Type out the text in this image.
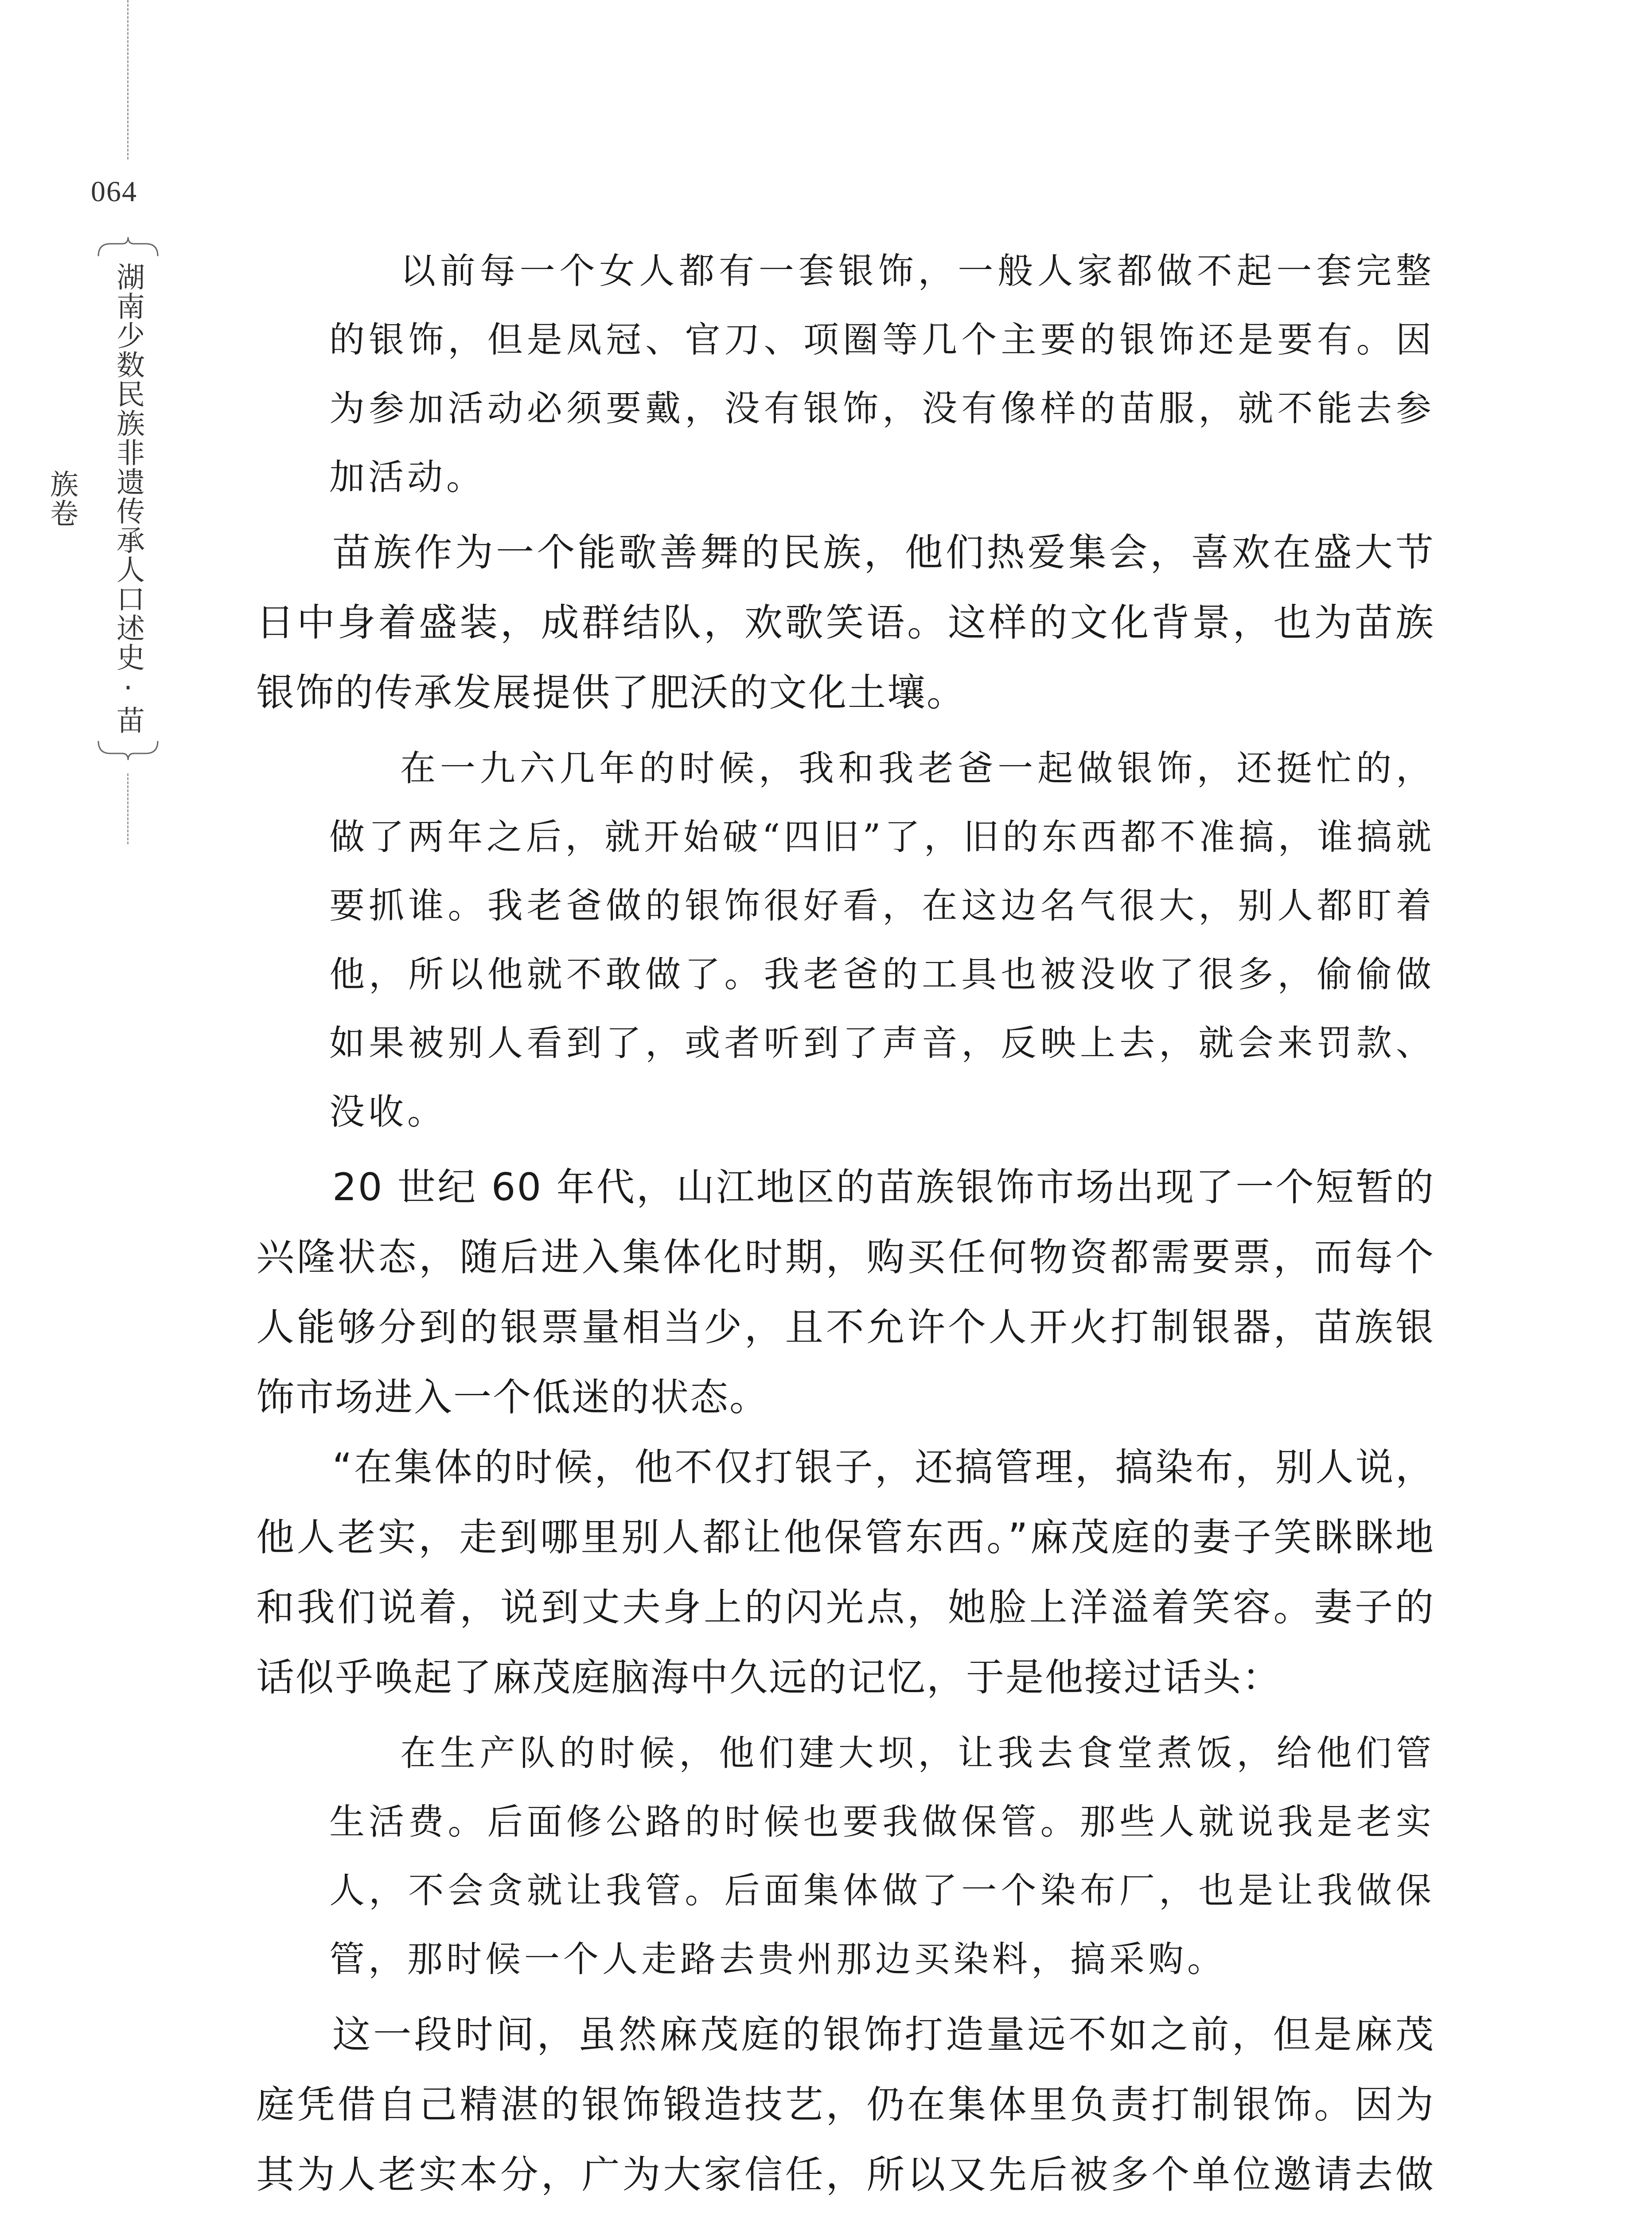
064
湖南少数民族非遗传承人口述史·苗族卷

以前每一个女人都有一套银饰，一般人家都做不起一套完整的银饰，但是凤冠、官刀、项圈等几个主要的银饰还是要有。因为参加活动必须要戴，没有银饰，没有像样的苗服，就不能去参加活动。

苗族作为一个能歌善舞的民族，他们热爱集会，喜欢在盛大节日中身着盛装，成群结队，欢歌笑语。这样的文化背景，也为苗族银饰的传承发展提供了肥沃的文化土壤。

在一九六几年的时候，我和我老爸一起做银饰，还挺忙的，做了两年之后，就开始破“四旧”了，旧的东西都不准搞，谁搞就要抓谁。我老爸做的银饰很好看，在这边名气很大，别人都盯着他，所以他就不敢做了。我老爸的工具也被没收了很多，偷偷做如果被别人看到了，或者听到了声音，反映上去，就会来罚款、没收。

20 世纪 60 年代，山江地区的苗族银饰市场出现了一个短暂的兴隆状态，随后进入集体化时期，购买任何物资都需要票，而每个人能够分到的银票量相当少，且不允许个人开火打制银器，苗族银饰市场进入一个低迷的状态。

“在集体的时候，他不仅打银子，还搞管理，搞染布，别人说，他人老实，走到哪里别人都让他保管东西。”麻茂庭的妻子笑眯眯地和我们说着，说到丈夫身上的闪光点，她脸上洋溢着笑容。妻子的话似乎唤起了麻茂庭脑海中久远的记忆，于是他接过话头：

在生产队的时候，他们建大坝，让我去食堂煮饭，给他们管生活费。后面修公路的时候也要我做保管。那些人就说我是老实人，不会贪就让我管。后面集体做了一个染布厂，也是让我做保管，那时候一个人走路去贵州那边买染料，搞采购。

这一段时间，虽然麻茂庭的银饰打造量远不如之前，但是麻茂庭凭借自己精湛的银饰锻造技艺，仍在集体里负责打制银饰。因为其为人老实本分，广为大家信任，所以又先后被多个单位邀请去做
